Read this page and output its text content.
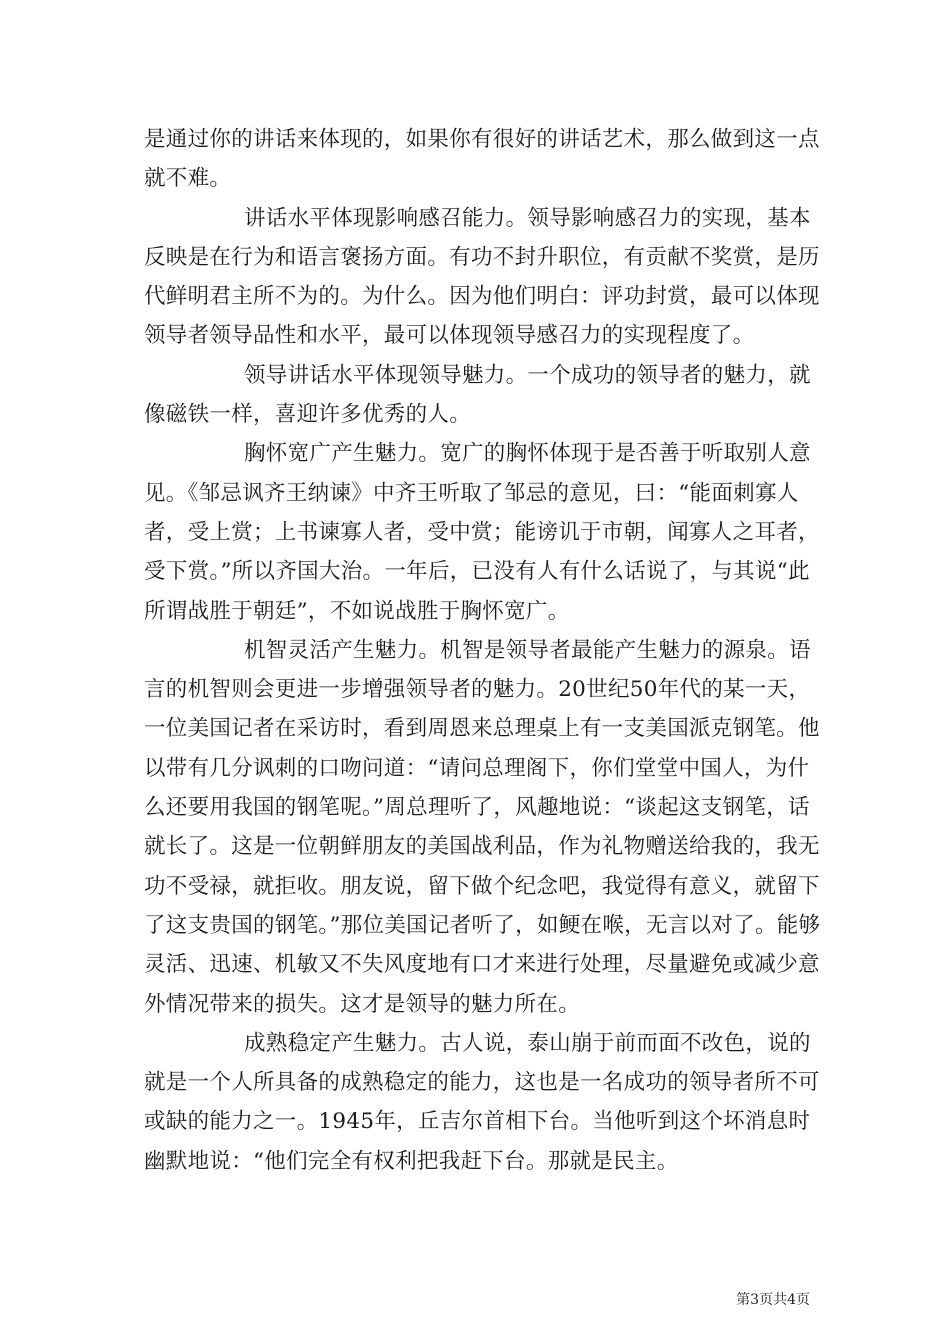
是通过你的讲话来体现的，如果你有很好的讲话艺术，那么做到这一点就不难。

讲话水平体现影响感召能力。领导影响感召力的实现，基本反映是在行为和语言褒扬方面。有功不封升职位，有贡献不奖赏，是历代鲜明君主所不为的。为什么。因为他们明白：评功封赏，最可以体现领导者领导品性和水平，最可以体现领导感召力的实现程度了。

领导讲话水平体现领导魅力。一个成功的领导者的魅力，就像磁铁一样，喜迎许多优秀的人。

胸怀宽广产生魅力。宽广的胸怀体现于是否善于听取别人意见。《邹忌讽齐王纳谏》中齐王听取了邹忌的意见，曰：“能面刺寡人者，受上赏；上书谏寡人者，受中赏；能谤讥于市朝，闻寡人之耳者，受下赏。”所以齐国大治。一年后，已没有人有什么话说了，与其说“此所谓战胜于朝廷”，不如说战胜于胸怀宽广。

机智灵活产生魅力。机智是领导者最能产生魅力的源泉。语言的机智则会更进一步增强领导者的魅力。20世纪50年代的某一天，一位美国记者在采访时，看到周恩来总理桌上有一支美国派克钢笔。他以带有几分讽刺的口吻问道：“请问总理阁下，你们堂堂中国人，为什么还要用我国的钢笔呢。”周总理听了，风趣地说：“谈起这支钢笔，话就长了。这是一位朝鲜朋友的美国战利品，作为礼物赠送给我的，我无功不受禄，就拒收。朋友说，留下做个纪念吧，我觉得有意义，就留下了这支贵国的钢笔。”那位美国记者听了，如鲠在喉，无言以对了。能够灵活、迅速、机敏又不失风度地有口才来进行处理，尽量避免或减少意外情况带来的损失。这才是领导的魅力所在。

成熟稳定产生魅力。古人说，泰山崩于前而面不改色，说的就是一个人所具备的成熟稳定的能力，这也是一名成功的领导者所不可或缺的能力之一。1945年，丘吉尔首相下台。当他听到这个坏消息时幽默地说：“他们完全有权利把我赶下台。那就是民主。

第3页共4页
